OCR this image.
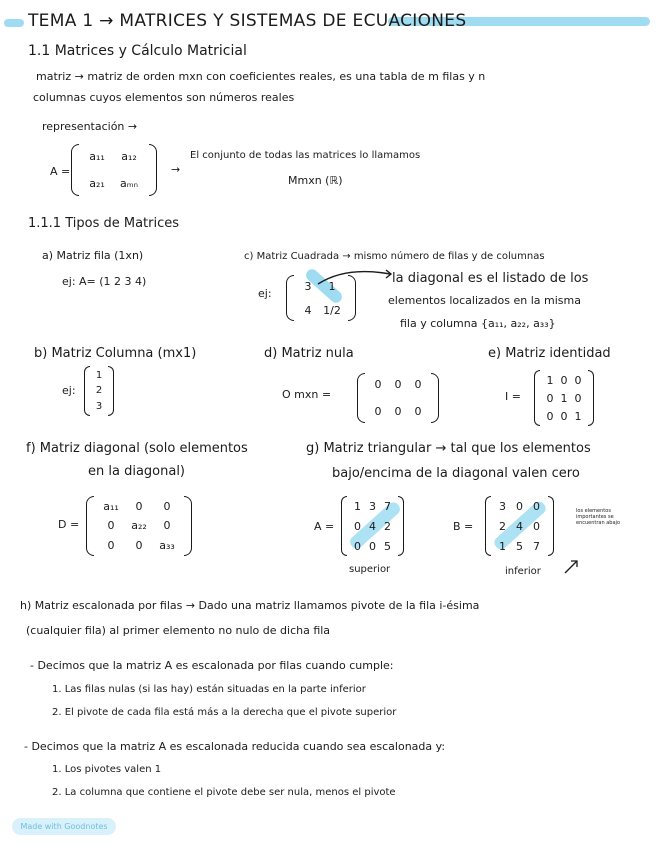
TEMA 1 → MATRICES Y SISTEMAS DE ECUACIONES
1.1 Matrices y Cálculo Matricial
matriz → matriz de orden mxn con coeficientes reales, es una tabla de m filas y n
columnas cuyos elementos son números reales
representación →
A =
a₁₁ a₁₂
a₂₁ aₘₙ
→
El conjunto de todas las matrices lo llamamos
Mmxn (ℝ)
1.1.1 Tipos de Matrices
a) Matriz fila (1xn)
ej: A= (1 2 3 4)
c) Matriz Cuadrada → mismo número de filas y de columnas
ej:
3 1
4 1/2
la diagonal es el listado de los
elementos localizados en la misma
fila y columna {a₁₁, a₂₂, a₃₃}
b) Matriz Columna (mx1)
ej:
1
2
3
d) Matriz nula
O mxn =
0 0 0
0 0 0
e) Matriz identidad
I =
1 0 0
0 1 0
0 0 1
f) Matriz diagonal (solo elementos
en la diagonal)
D =
a₁₁ 0 0
0 a₂₂ 0
0 0 a₃₃
g) Matriz triangular → tal que los elementos
bajo/encima de la diagonal valen cero
A =
1 3 7
0 4 2
0 0 5
superior
B =
3 0 0
2 4 0
1 5 7
inferior
los elementos importantes se encuentran abajo
h) Matriz escalonada por filas → Dado una matriz llamamos pivote de la fila i-ésima
(cualquier fila) al primer elemento no nulo de dicha fila
- Decimos que la matriz A es escalonada por filas cuando cumple:
1. Las filas nulas (si las hay) están situadas en la parte inferior
2. El pivote de cada fila está más a la derecha que el pivote superior
- Decimos que la matriz A es escalonada reducida cuando sea escalonada y:
1. Los pivotes valen 1
2. La columna que contiene el pivote debe ser nula, menos el pivote
Made with Goodnotes
